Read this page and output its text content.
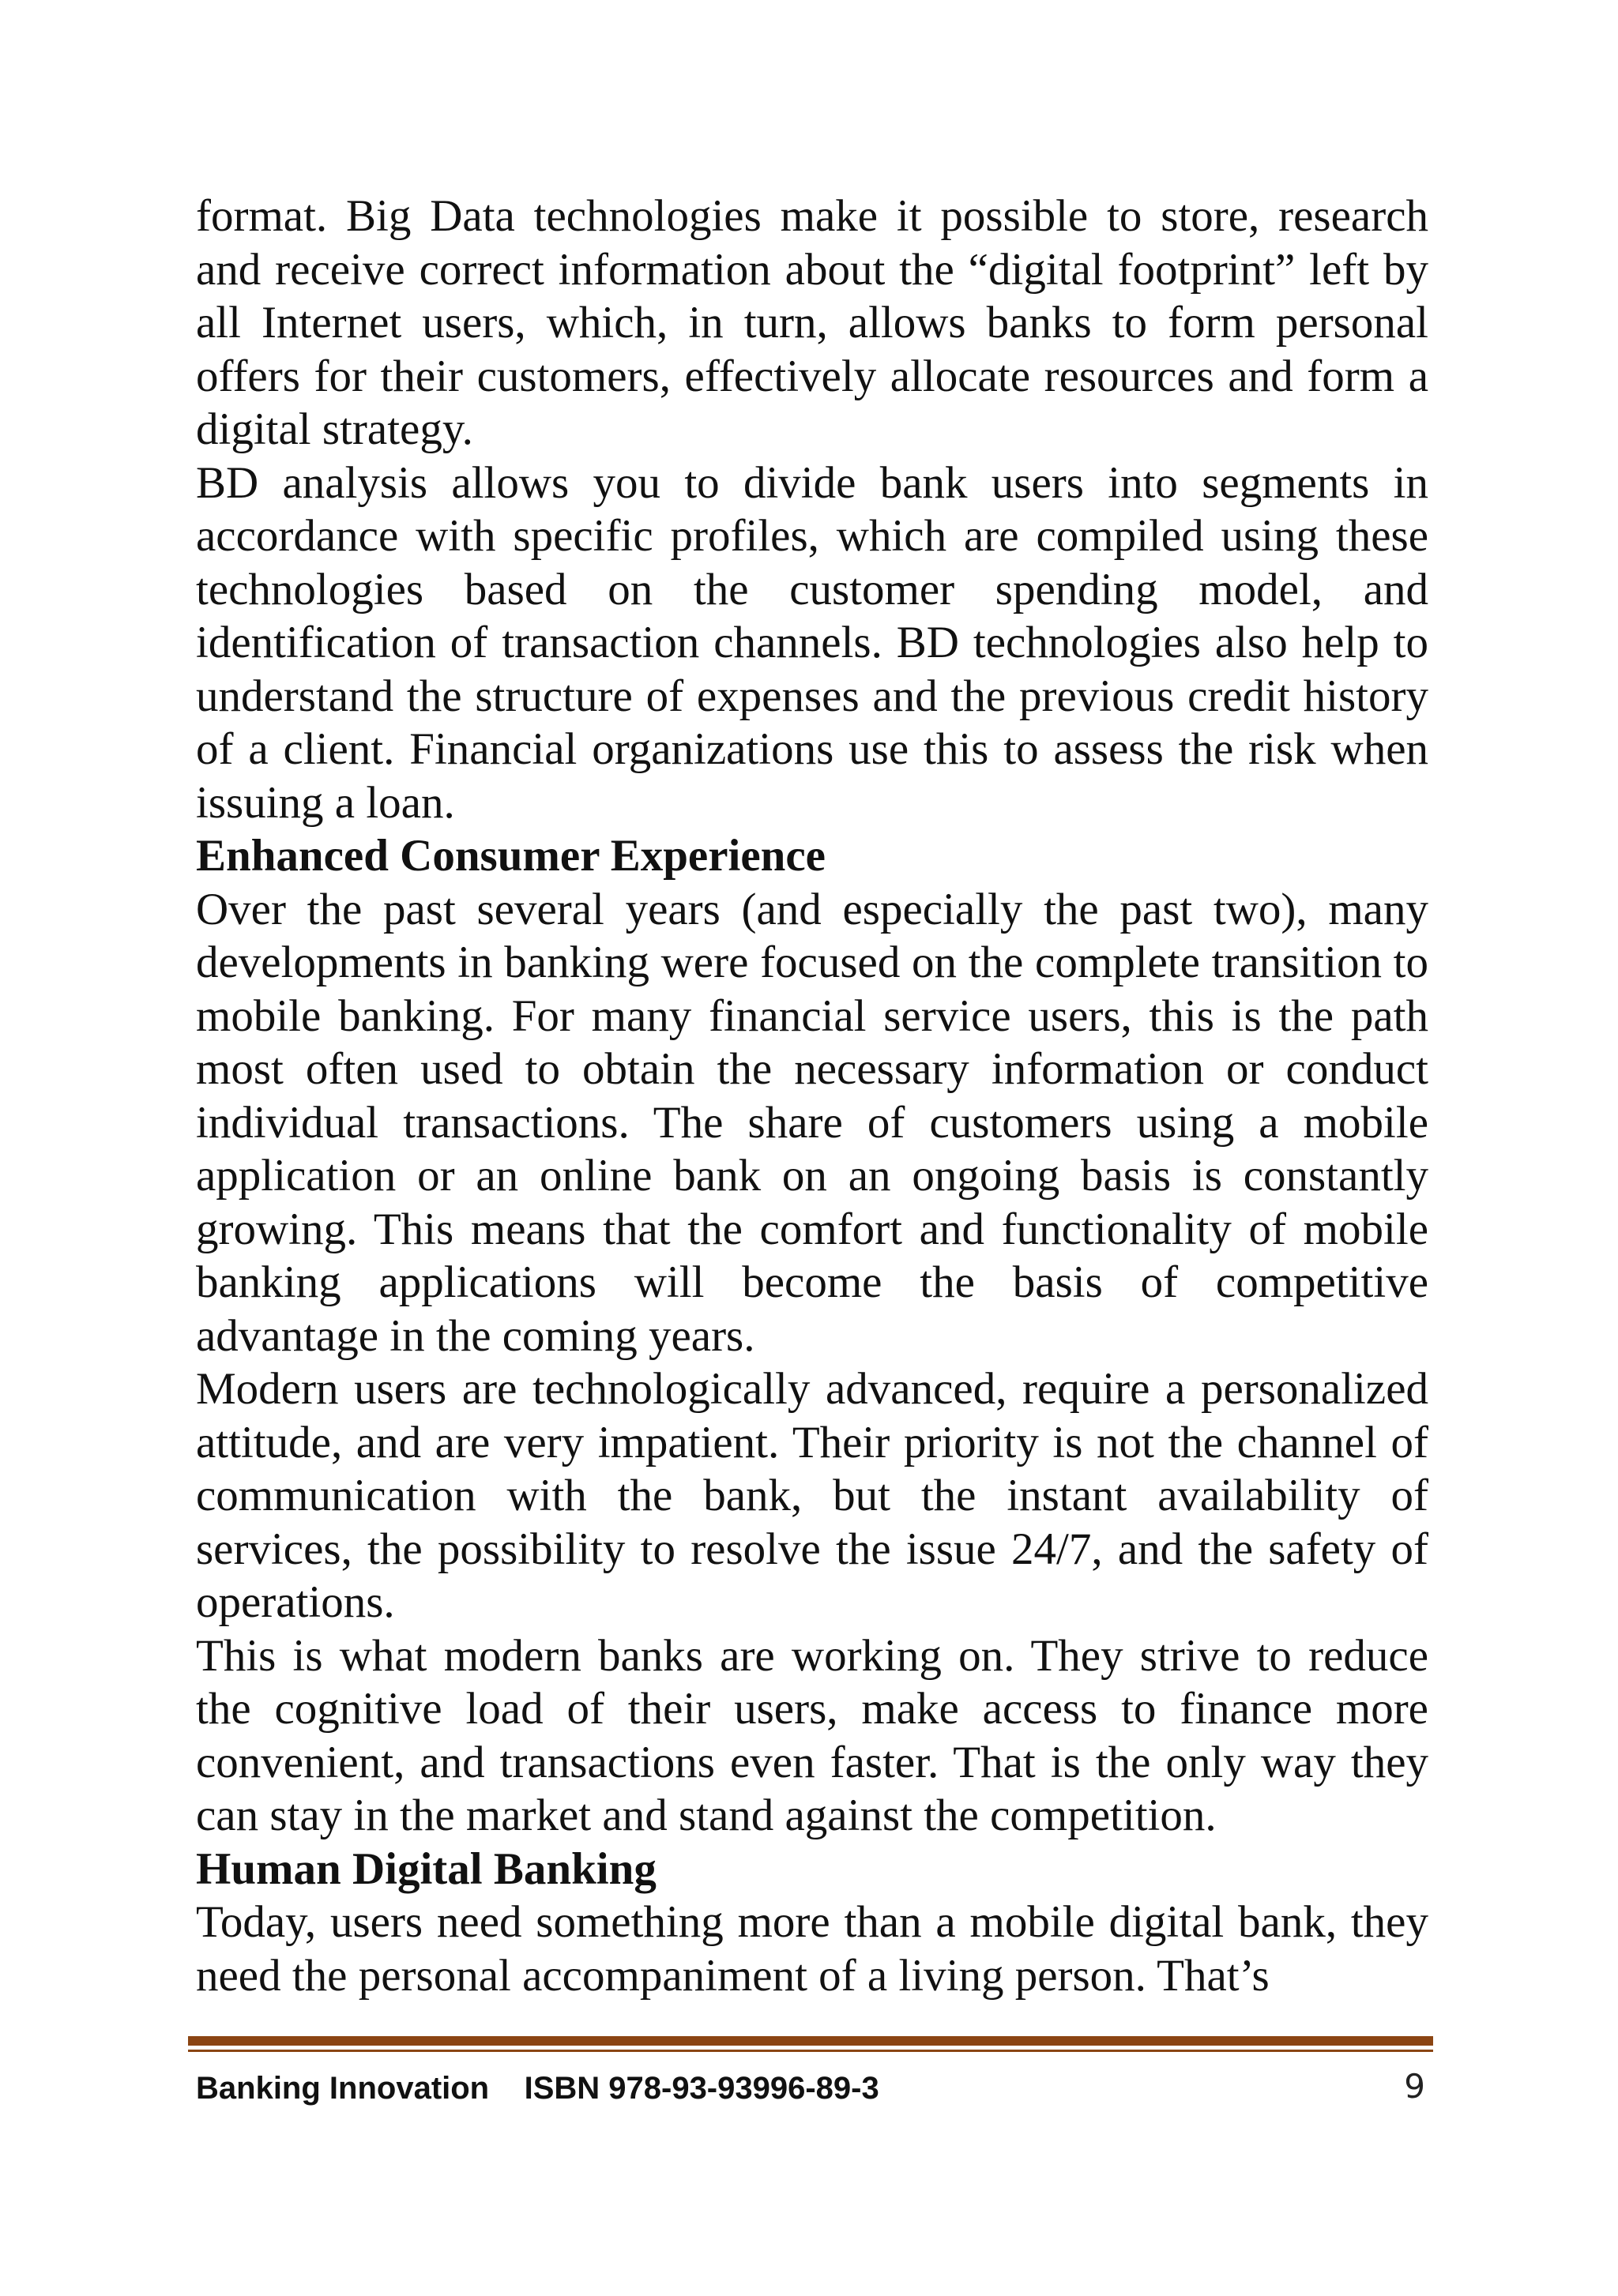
format. Big Data technologies make it possible to store, research and receive correct information about the “digital footprint” left by all Internet users, which, in turn, allows banks to form personal offers for their customers, effectively allocate resources and form a digital strategy.

BD analysis allows you to divide bank users into segments in accordance with specific profiles, which are compiled using these technologies based on the customer spending model, and identification of transaction channels. BD technologies also help to understand the structure of expenses and the previous credit history of a client. Financial organizations use this to assess the risk when issuing a loan.

Enhanced Consumer Experience

Over the past several years (and especially the past two), many developments in banking were focused on the complete transition to mobile banking. For many financial service users, this is the path most often used to obtain the necessary information or conduct individual transactions. The share of customers using a mobile application or an online bank on an ongoing basis is constantly growing. This means that the comfort and functionality of mobile banking applications will become the basis of competitive advantage in the coming years.

Modern users are technologically advanced, require a personalized attitude, and are very impatient. Their priority is not the channel of communication with the bank, but the instant availability of services, the possibility to resolve the issue 24/7, and the safety of operations.

This is what modern banks are working on. They strive to reduce the cognitive load of their users, make access to finance more convenient, and transactions even faster. That is the only way they can stay in the market and stand against the competition.

Human Digital Banking

Today, users need something more than a mobile digital bank, they need the personal accompaniment of a living person. That’s

Banking Innovation ISBN 978-93-93996-89-3	9
